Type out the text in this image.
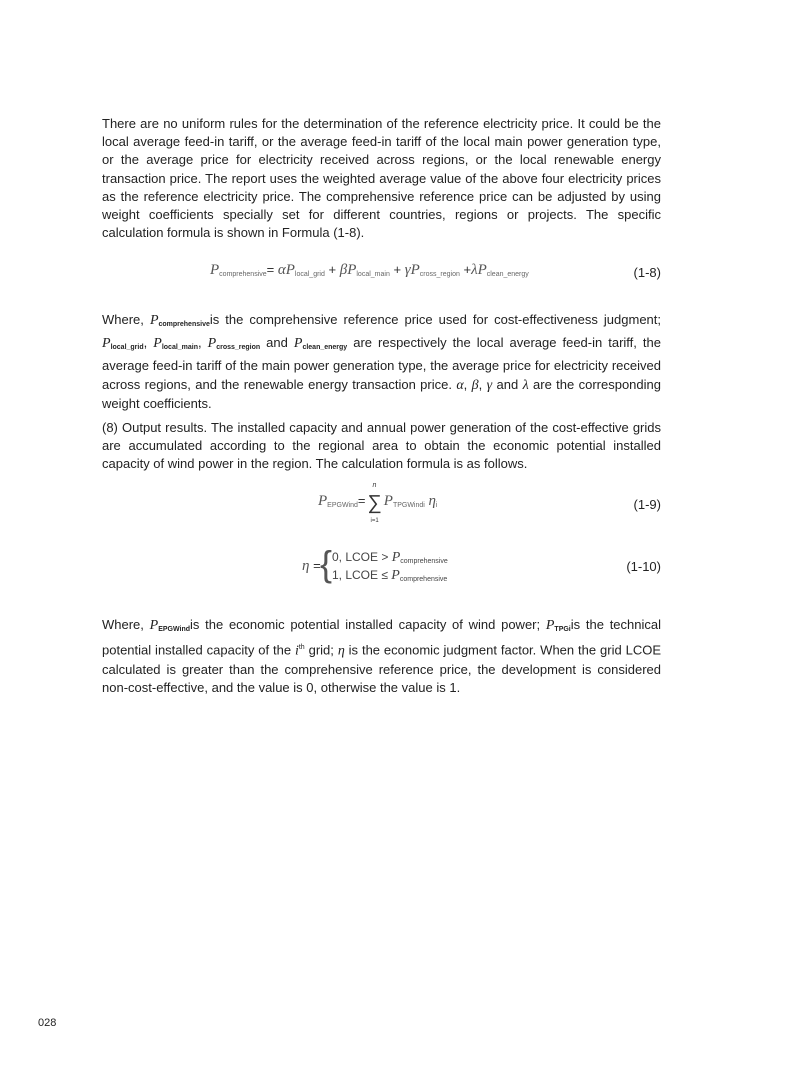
There are no uniform rules for the determination of the reference electricity price. It could be the local average feed-in tariff, or the average feed-in tariff of the local main power generation type, or the average price for electricity received across regions, or the local renewable energy transaction price. The report uses the weighted average value of the above four electricity prices as the reference electricity price. The comprehensive reference price can be adjusted by using weight coefficients specially set for different countries, regions or projects. The specific calculation formula is shown in Formula (1-8).

$P_{comprehensive}= \alpha P_{local\_grid} + \beta P_{local\_main} + \gamma P_{cross\_region} +\lambda P_{clean\_energy}$	(1-8)

Where, $P_{comprehensive}is$ the comprehensive reference price used for cost-effectiveness judgment; $P_{local\_grid}$, $P_{local\_main}$, $P_{cross\_region}$ and $P_{clean\_energy}$ are respectively the local average feed-in tariff, the average feed-in tariff of the main power generation type, the average price for electricity received across regions, and the renewable energy transaction price. α, β, γ and λ are the corresponding weight coefficients.

(8) Output results. The installed capacity and annual power generation of the cost-effective grids are accumulated according to the regional area to obtain the economic potential installed capacity of wind power in the region. The calculation formula is as follows.

$P_{EPGWind}=$ ∑
n
i=1
$P_{TPGWindi}$ $\eta_i$	(1-9)
η = { 0, LCOE > $P_{comprehensive}$
1, LCOE ≤ $P_{comprehensive}$
(1-10)

Where, $P_{EPGWind}is$ the economic potential installed capacity of wind power; $P_{TPGi}is$ the technical potential installed capacity of the $i^{th}$ grid; η is the economic judgment factor. When the grid LCOE calculated is greater than the comprehensive reference price, the development is considered non-cost-effective, and the value is 0, otherwise the value is 1.

028
